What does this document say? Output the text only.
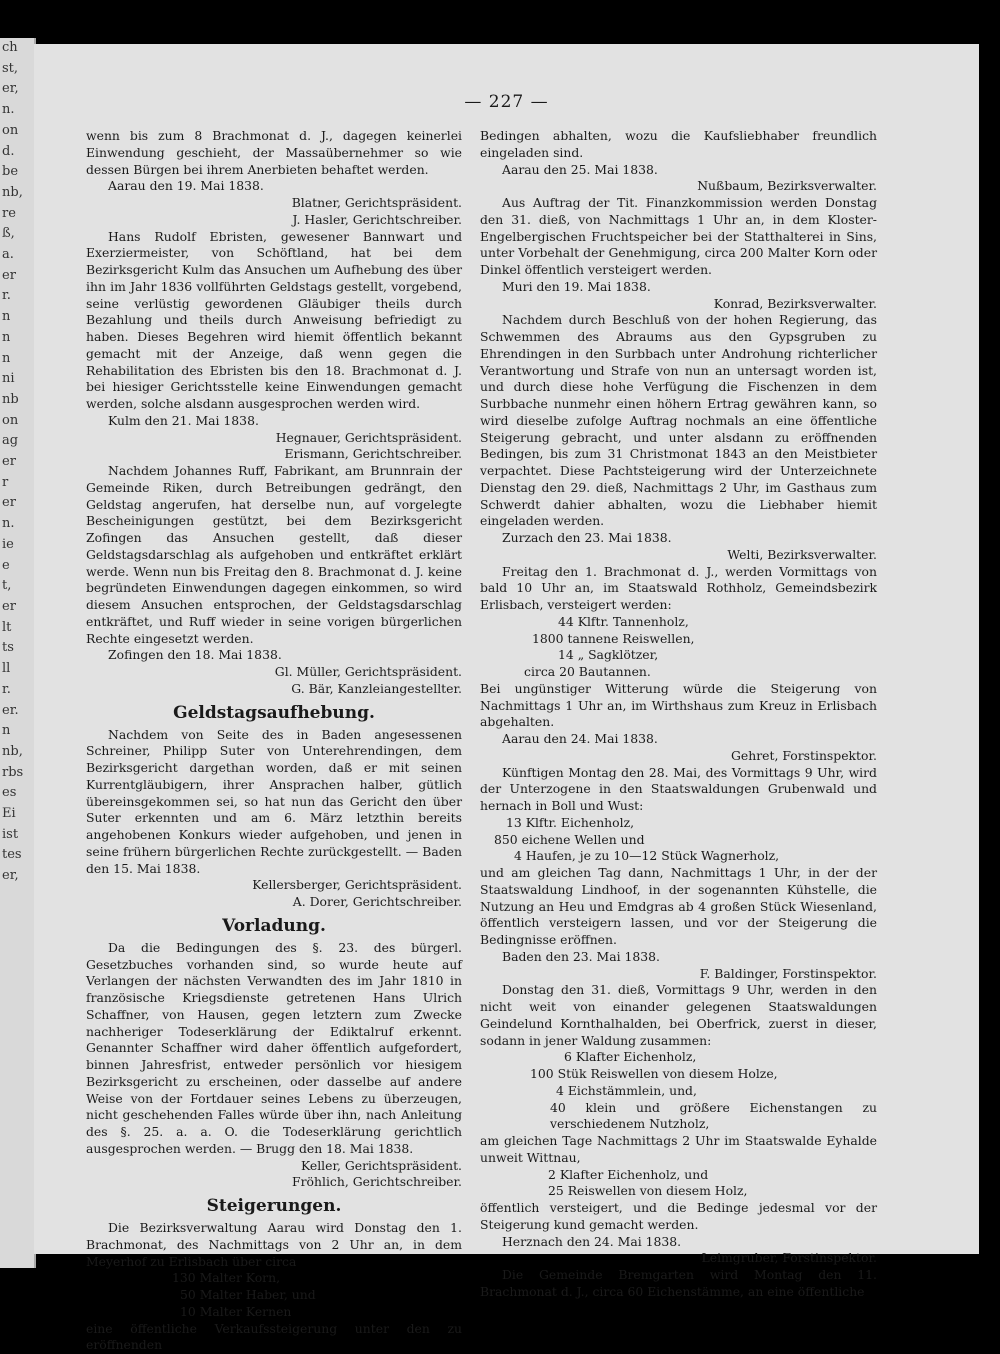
ch
st,
er,
n.
on
d.
be
nb,
re
ß,
a.
er
r.
n
n
n
ni
nb
on
ag
er
r
er
n.
ie
e
t,
er
lt
ts
ll
r.
er.
n
nb,
rbs
es
Ei
ist
tes
er,
— 227 —

wenn bis zum 8 Brachmonat d. J., dagegen keinerlei Einwendung geschieht, der Massaübernehmer so wie dessen Bürgen bei ihrem Anerbieten behaftet werden.

Aarau den 19. Mai 1838.

Blatner, Gerichtspräsident.

J. Hasler, Gerichtschreiber.

Hans Rudolf Ebristen, gewesener Bannwart und Exerziermeister, von Schöftland, hat bei dem Bezirksgericht Kulm das Ansuchen um Aufhebung des über ihn im Jahr 1836 vollführten Geldstags gestellt, vorgebend, seine verlüstig gewordenen Gläubiger theils durch Bezahlung und theils durch Anweisung befriedigt zu haben. Dieses Begehren wird hiemit öffentlich bekannt gemacht mit der Anzeige, daß wenn gegen die Rehabilitation des Ebristen bis den 18. Brachmonat d. J. bei hiesiger Gerichtsstelle keine Einwendungen gemacht werden, solche alsdann ausgesprochen werden wird.

Kulm den 21. Mai 1838.

Hegnauer, Gerichtspräsident.

Erismann, Gerichtschreiber.

Nachdem Johannes Ruff, Fabrikant, am Brunnrain der Gemeinde Riken, durch Betreibungen gedrängt, den Geldstag angerufen, hat derselbe nun, auf vorgelegte Bescheinigungen gestützt, bei dem Bezirksgericht Zofingen das Ansuchen gestellt, daß dieser Geldstagsdarschlag als aufgehoben und entkräftet erklärt werde. Wenn nun bis Freitag den 8. Brachmonat d. J. keine begründeten Einwendungen dagegen einkommen, so wird diesem Ansuchen entsprochen, der Geldstagsdarschlag entkräftet, und Ruff wieder in seine vorigen bürgerlichen Rechte eingesetzt werden.

Zofingen den 18. Mai 1838.

Gl. Müller, Gerichtspräsident.

G. Bär, Kanzleiangestellter.

Geldstagsaufhebung.

Nachdem von Seite des in Baden angesessenen Schreiner, Philipp Suter von Unterehrendingen, dem Bezirksgericht dargethan worden, daß er mit seinen Kurrentgläubigern, ihrer Ansprachen halber, gütlich übereinsgekommen sei, so hat nun das Gericht den über Suter erkennten und am 6. März letzthin bereits angehobenen Konkurs wieder aufgehoben, und jenen in seine frühern bürgerlichen Rechte zurückgestellt. — Baden den 15. Mai 1838.

Kellersberger, Gerichtspräsident.

A. Dorer, Gerichtschreiber.

Vorladung.

Da die Bedingungen des §. 23. des bürgerl. Gesetzbuches vorhanden sind, so wurde heute auf Verlangen der nächsten Verwandten des im Jahr 1810 in französische Kriegsdienste getretenen Hans Ulrich Schaffner, von Hausen, gegen letztern zum Zwecke nachheriger Todeserklärung der Ediktalruf erkennt. Genannter Schaffner wird daher öffentlich aufgefordert, binnen Jahresfrist, entweder persönlich vor hiesigem Bezirksgericht zu erscheinen, oder dasselbe auf andere Weise von der Fortdauer seines Lebens zu überzeugen, nicht geschehenden Falles würde über ihn, nach Anleitung des §. 25. a. a. O. die Todeserklärung gerichtlich ausgesprochen werden. — Brugg den 18. Mai 1838.

Keller, Gerichtspräsident.

Fröhlich, Gerichtschreiber.

Steigerungen.

Die Bezirksverwaltung Aarau wird Donstag den 1. Brachmonat, des Nachmittags von 2 Uhr an, in dem Meyerhof zu Erlisbach über circa

130 Malter Korn,

50 Malter Haber, und

10 Malter Kernen

eine öffentliche Verkaufssteigerung unter den zu eröffnenden

Bedingen abhalten, wozu die Kaufsliebhaber freundlich eingeladen sind.

Aarau den 25. Mai 1838.

Nußbaum, Bezirksverwalter.

Aus Auftrag der Tit. Finanzkommission werden Donstag den 31. dieß, von Nachmittags 1 Uhr an, in dem Kloster-Engelbergischen Fruchtspeicher bei der Statthalterei in Sins, unter Vorbehalt der Genehmigung, circa 200 Malter Korn oder Dinkel öffentlich versteigert werden.

Muri den 19. Mai 1838.

Konrad, Bezirksverwalter.

Nachdem durch Beschluß von der hohen Regierung, das Schwemmen des Abraums aus den Gypsgruben zu Ehrendingen in den Surbbach unter Androhung richterlicher Verantwortung und Strafe von nun an untersagt worden ist, und durch diese hohe Verfügung die Fischenzen in dem Surbbache nunmehr einen höhern Ertrag gewähren kann, so wird dieselbe zufolge Auftrag nochmals an eine öffentliche Steigerung gebracht, und unter alsdann zu eröffnenden Bedingen, bis zum 31 Christmonat 1843 an den Meistbieter verpachtet. Diese Pachtsteigerung wird der Unterzeichnete Dienstag den 29. dieß, Nachmittags 2 Uhr, im Gasthaus zum Schwerdt dahier abhalten, wozu die Liebhaber hiemit eingeladen werden.

Zurzach den 23. Mai 1838.

Welti, Bezirksverwalter.

Freitag den 1. Brachmonat d. J., werden Vormittags von bald 10 Uhr an, im Staatswald Rothholz, Gemeindsbezirk Erlisbach, versteigert werden:

44 Klftr. Tannenholz,

1800 tannene Reiswellen,

14 „ Sagklötzer,

circa 20 Bautannen.

Bei ungünstiger Witterung würde die Steigerung von Nachmittags 1 Uhr an, im Wirthshaus zum Kreuz in Erlisbach abgehalten.

Aarau den 24. Mai 1838.

Gehret, Forstinspektor.

Künftigen Montag den 28. Mai, des Vormittags 9 Uhr, wird der Unterzogene in den Staatswaldungen Grubenwald und hernach in Boll und Wust:

13 Klftr. Eichenholz,

850 eichene Wellen und

4 Haufen, je zu 10—12 Stück Wagnerholz,

und am gleichen Tag dann, Nachmittags 1 Uhr, in der der Staatswaldung Lindhoof, in der sogenannten Kühstelle, die Nutzung an Heu und Emdgras ab 4 großen Stück Wiesenland, öffentlich versteigern lassen, und vor der Steigerung die Bedingnisse eröffnen.

Baden den 23. Mai 1838.

F. Baldinger, Forstinspektor.

Donstag den 31. dieß, Vormittags 9 Uhr, werden in den nicht weit von einander gelegenen Staatswaldungen Geindelund Kornthalhalden, bei Oberfrick, zuerst in dieser, sodann in jener Waldung zusammen:

6 Klafter Eichenholz,

100 Stük Reiswellen von diesem Holze,

4 Eichstämmlein, und,

40 klein und größere Eichenstangen zu verschiedenem Nutzholz,

am gleichen Tage Nachmittags 2 Uhr im Staatswalde Eyhalde unweit Wittnau,

2 Klafter Eichenholz, und

25 Reiswellen von diesem Holz,

öffentlich versteigert, und die Bedinge jedesmal vor der Steigerung kund gemacht werden.

Herznach den 24. Mai 1838.

Leimgruber, Forstinspektor.

Die Gemeinde Bremgarten wird Montag den 11. Brachmonat d. J., circa 60 Eichenstämme, an eine öffentliche
